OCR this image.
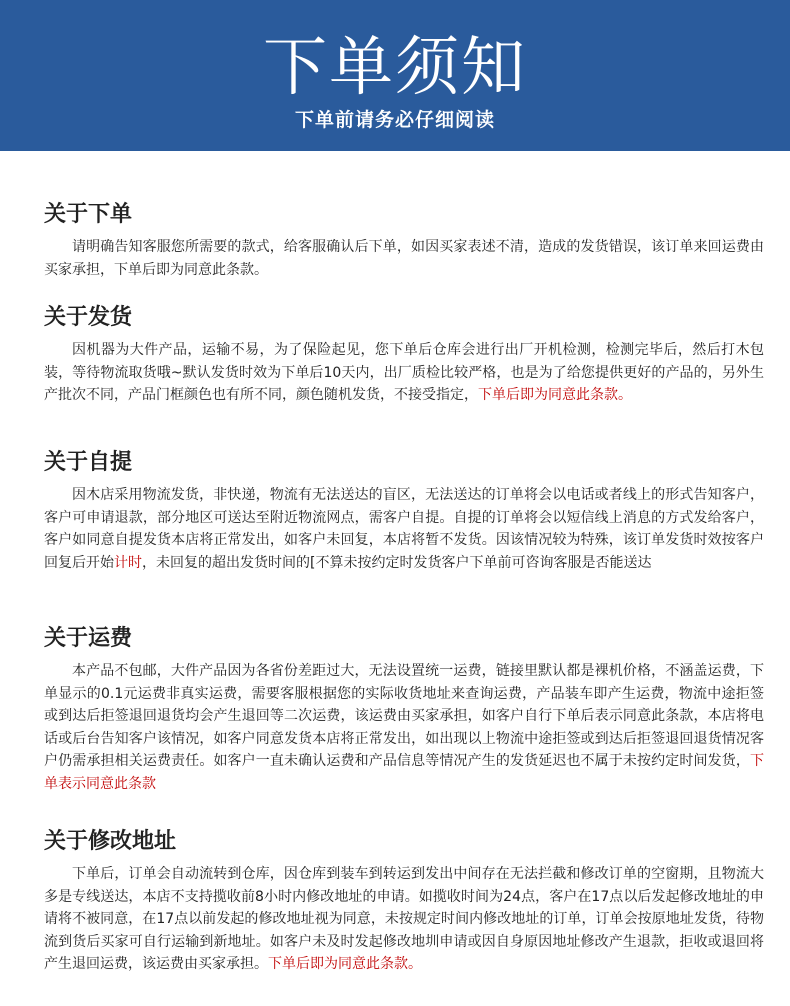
下单须知
下单前请务必仔细阅读
关于下单

请明确告知客服您所需要的款式，给客服确认后下单，如因买家表述不清，造成的发货错误，该订单来回运费由买家承担，下单后即为同意此条款。

关于发货

因机器为大件产品，运输不易，为了保险起见，您下单后仓库会进行出厂开机检测，检测完毕后，然后打木包装，等待物流取货哦~默认发货时效为下单后10天内，出厂质检比较严格，也是为了给您提供更好的产品的，另外生产批次不同，产品门框颜色也有所不同，颜色随机发货，不接受指定，下单后即为同意此条款。

关于自提

因木店采用物流发货，非快递，物流有无法送达的盲区，无法送达的订单将会以电话或者线上的形式告知客户，客户可申请退款，部分地区可送达至附近物流网点，需客户自提。自提的订单将会以短信线上消息的方式发给客户，客户如同意自提发货本店将正常发出，如客户未回复，本店将暂不发货。因该情况较为特殊，该订单发货时效按客户回复后开始计时，未回复的超出发货时间的[不算未按约定时发货客户下单前可咨询客服是否能送达

关于运费

本产品不包邮，大件产品因为各省份差距过大，无法设置统一运费，链接里默认都是裸机价格，不涵盖运费，下单显示的0.1元运费非真实运费，需要客服根据您的实际收货地址来查询运费，产品装车即产生运费，物流中途拒签或到达后拒签退回退货均会产生退回等二次运费，该运费由买家承担，如客户自行下单后表示同意此条款，本店将电话或后台告知客户该情况，如客户同意发货本店将正常发出，如出现以上物流中途拒签或到达后拒签退回退货情况客户仍需承担相关运费责任。如客户一直未确认运费和产品信息等情况产生的发货延迟也不属于未按约定时间发货，下单表示同意此条款

关于修改地址

下单后，订单会自动流转到仓库，因仓库到装车到转运到发出中间存在无法拦截和修改订单的空窗期，且物流大多是专线送达，本店不支持揽收前8小时内修改地址的申请。如揽收时间为24点，客户在17点以后发起修改地址的申请将不被同意，在17点以前发起的修改地址视为同意，未按规定时间内修改地址的订单，订单会按原地址发货，待物流到货后买家可自行运输到新地址。如客户未及时发起修改地圳申请或因自身原因地址修改产生退款，拒收或退回将产生退回运费，该运费由买家承担。下单后即为同意此条款。
